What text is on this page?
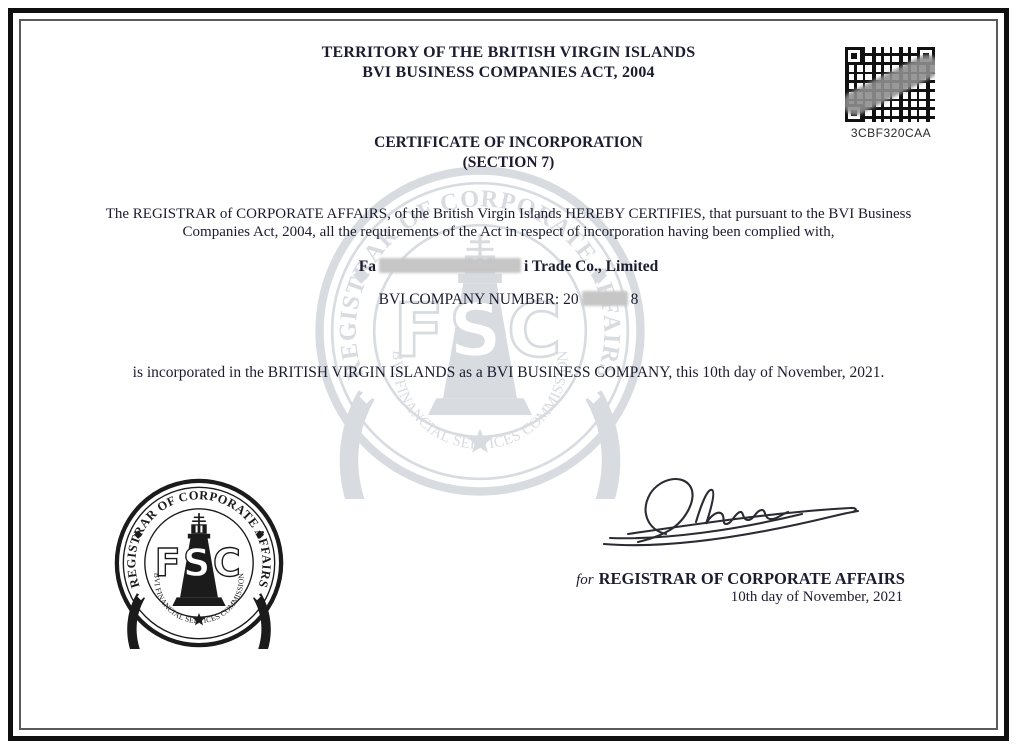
TERRITORY OF THE BRITISH VIRGIN ISLANDS
BVI BUSINESS COMPANIES ACT, 2004
3CBF320CAA
CERTIFICATE OF INCORPORATION
(SECTION 7)
The REGISTRAR of CORPORATE AFFAIRS, of the British Virgin Islands HEREBY CERTIFIES, that pursuant to the BVI Business
Companies Act, 2004, all the requirements of the Act in respect of incorporation having been complied with,
Fa	i Trade Co., Limited
BVI COMPANY NUMBER: 20	8
is incorporated in the BRITISH VIRGIN ISLANDS as a BVI BUSINESS COMPANY, this 10th day of November, 2021.
for REGISTRAR OF CORPORATE AFFAIRS
10th day of November, 2021
